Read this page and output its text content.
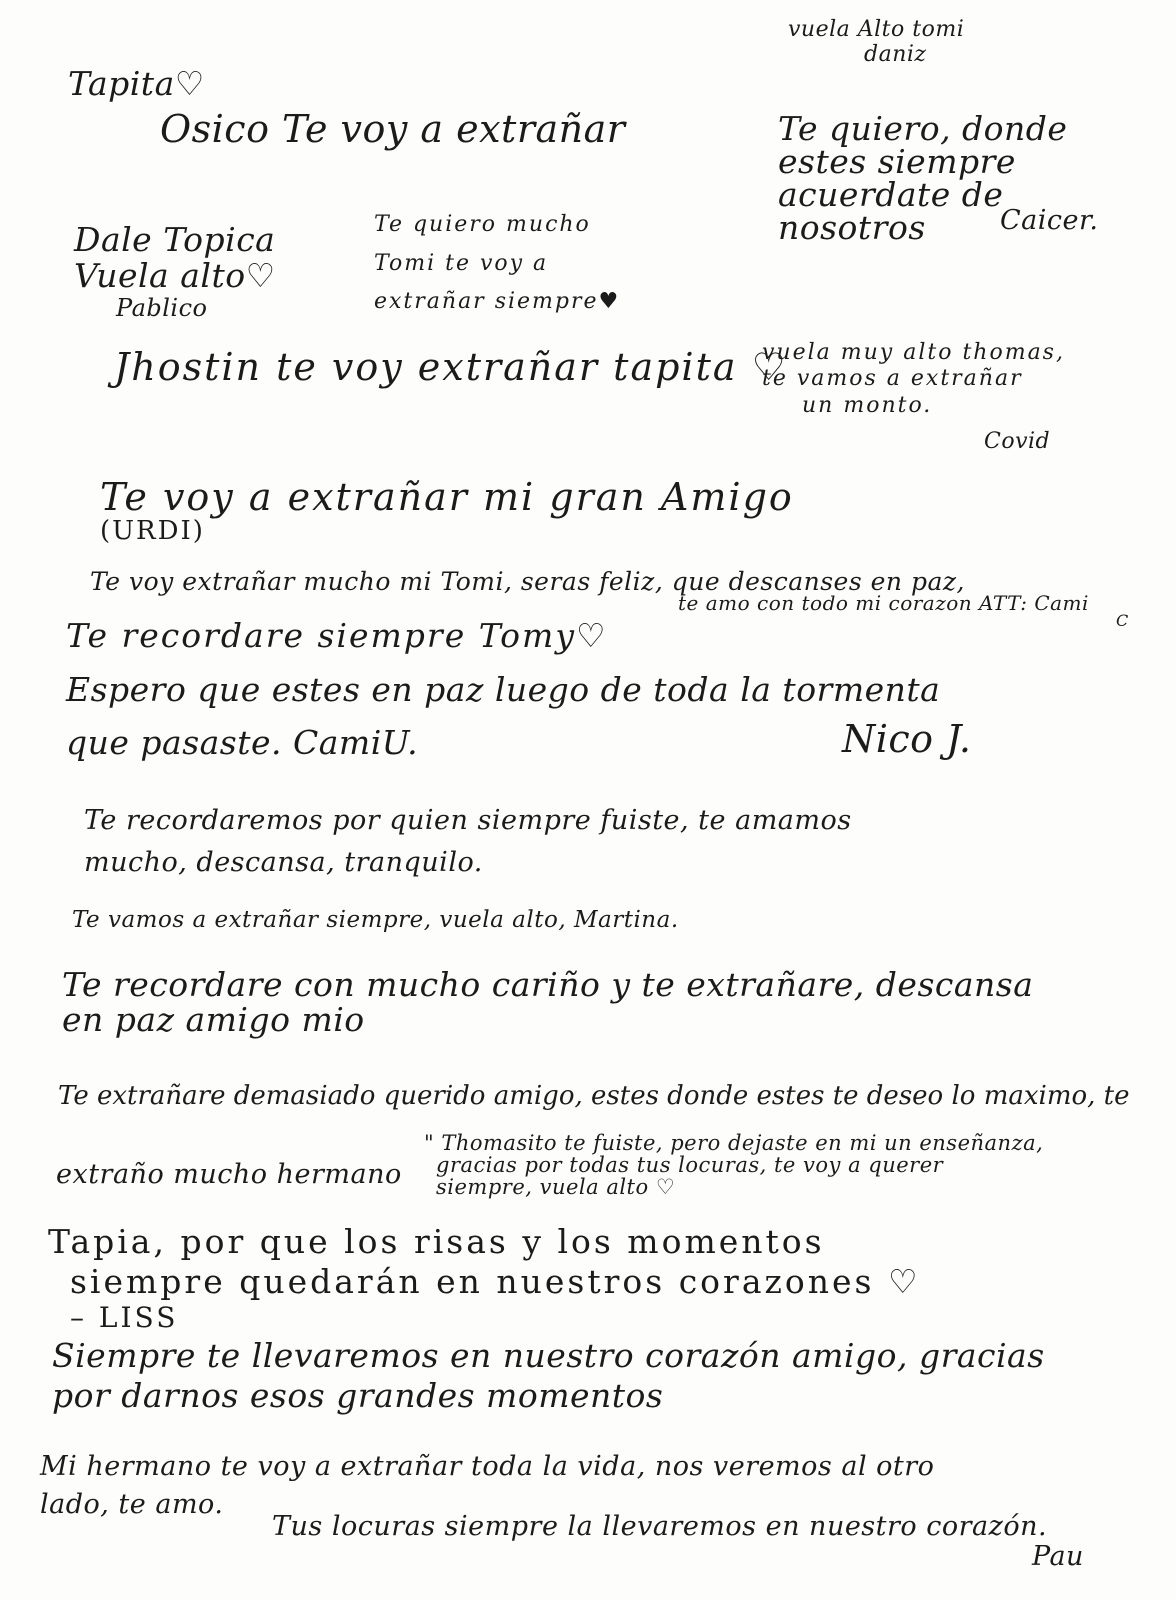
vuela Alto tomi
daniz

Tapita♡

Osico Te voy a extrañar	Te quiero, donde
estes siempre
acuerdate de
nosotros	Caicer.

Dale Topica
Vuela alto♡
Pablico

Te quiero mucho
Tomi te voy a
extrañar siempre♥

Jhostin te voy extrañar tapita ♡

vuela muy alto thomas,
te vamos a extrañar
un monto.

Covid

Te voy a extrañar mi gran Amigo
(URDI)

Te voy extrañar mucho mi Tomi, seras feliz, que descanses en paz,

te amo con todo mi corazon ATT: Cami
C

Te recordare siempre Tomy♡

Espero que estes en paz luego de toda la tormenta
que pasaste. CamiU.	Nico J.

Te recordaremos por quien siempre fuiste, te amamos
mucho, descansa, tranquilo.

Te vamos a extrañar siempre, vuela alto, Martina.

Te recordare con mucho cariño y te extrañare, descansa
en paz amigo mio

Te extrañare demasiado querido amigo, estes donde estes te deseo lo maximo, te

" Thomasito te fuiste, pero dejaste en mi un enseñanza,
gracias por todas tus locuras, te voy a querer
siempre, vuela alto ♡

extraño mucho hermano

Tapia, por que los risas y los momentos
siempre quedarán en nuestros corazones ♡
– LISS

Siempre te llevaremos en nuestro corazón amigo, gracias
por darnos esos grandes momentos

Mi hermano te voy a extrañar toda la vida, nos veremos al otro
lado, te amo.

Tus locuras siempre la llevaremos en nuestro corazón.
Pau
